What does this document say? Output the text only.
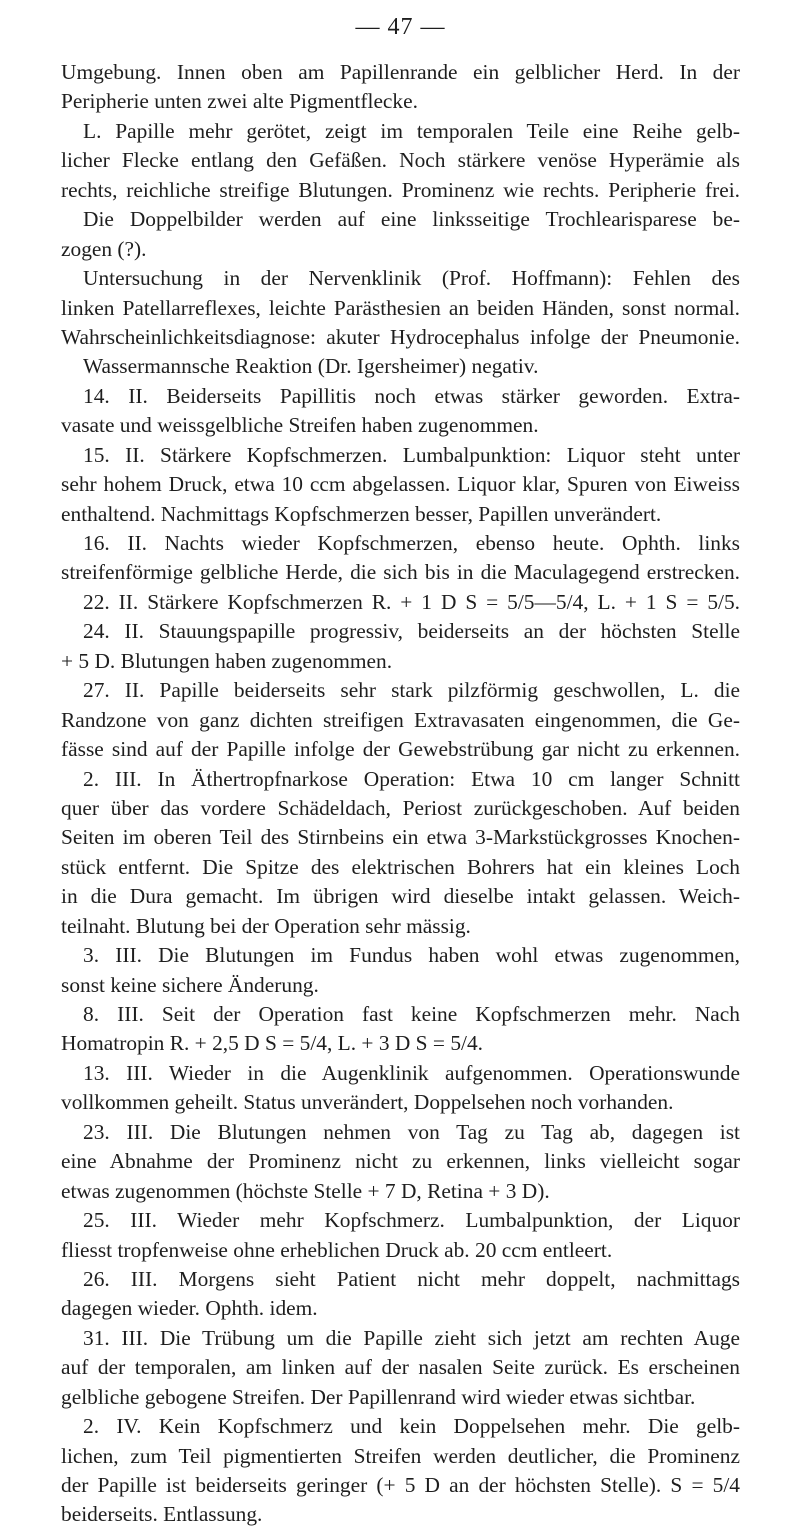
— 47 —
Umgebung. Innen oben am Papillenrande ein gelblicher Herd. In der
Peripherie unten zwei alte Pigmentflecke.
L. Papille mehr gerötet, zeigt im temporalen Teile eine Reihe gelb-
licher Flecke entlang den Gefäßen. Noch stärkere venöse Hyperämie als
rechts, reichliche streifige Blutungen. Prominenz wie rechts. Peripherie frei.
Die Doppelbilder werden auf eine linksseitige Trochlearisparese be-
zogen (?).
Untersuchung in der Nervenklinik (Prof. Hoffmann): Fehlen des
linken Patellarreflexes, leichte Parästhesien an beiden Händen, sonst normal.
Wahrscheinlichkeitsdiagnose: akuter Hydrocephalus infolge der Pneumonie.
Wassermannsche Reaktion (Dr. Igersheimer) negativ.
14. II. Beiderseits Papillitis noch etwas stärker geworden. Extra-
vasate und weissgelbliche Streifen haben zugenommen.
15. II. Stärkere Kopfschmerzen. Lumbalpunktion: Liquor steht unter
sehr hohem Druck, etwa 10 ccm abgelassen. Liquor klar, Spuren von Eiweiss
enthaltend. Nachmittags Kopfschmerzen besser, Papillen unverändert.
16. II. Nachts wieder Kopfschmerzen, ebenso heute. Ophth. links
streifenförmige gelbliche Herde, die sich bis in die Maculagegend erstrecken.
22. II. Stärkere Kopfschmerzen R. + 1 D S = 5/5—5/4, L. + 1 S = 5/5.
24. II. Stauungspapille progressiv, beiderseits an der höchsten Stelle
+ 5 D. Blutungen haben zugenommen.
27. II. Papille beiderseits sehr stark pilzförmig geschwollen, L. die
Randzone von ganz dichten streifigen Extravasaten eingenommen, die Ge-
fässe sind auf der Papille infolge der Gewebstrübung gar nicht zu erkennen.
2. III. In Äthertropfnarkose Operation: Etwa 10 cm langer Schnitt
quer über das vordere Schädeldach, Periost zurückgeschoben. Auf beiden
Seiten im oberen Teil des Stirnbeins ein etwa 3-Markstückgrosses Knochen-
stück entfernt. Die Spitze des elektrischen Bohrers hat ein kleines Loch
in die Dura gemacht. Im übrigen wird dieselbe intakt gelassen. Weich-
teilnaht. Blutung bei der Operation sehr mässig.
3. III. Die Blutungen im Fundus haben wohl etwas zugenommen,
sonst keine sichere Änderung.
8. III. Seit der Operation fast keine Kopfschmerzen mehr. Nach
Homatropin R. + 2,5 D S = 5/4, L. + 3 D S = 5/4.
13. III. Wieder in die Augenklinik aufgenommen. Operationswunde
vollkommen geheilt. Status unverändert, Doppelsehen noch vorhanden.
23. III. Die Blutungen nehmen von Tag zu Tag ab, dagegen ist
eine Abnahme der Prominenz nicht zu erkennen, links vielleicht sogar
etwas zugenommen (höchste Stelle + 7 D, Retina + 3 D).
25. III. Wieder mehr Kopfschmerz. Lumbalpunktion, der Liquor
fliesst tropfenweise ohne erheblichen Druck ab. 20 ccm entleert.
26. III. Morgens sieht Patient nicht mehr doppelt, nachmittags
dagegen wieder. Ophth. idem.
31. III. Die Trübung um die Papille zieht sich jetzt am rechten Auge
auf der temporalen, am linken auf der nasalen Seite zurück. Es erscheinen
gelbliche gebogene Streifen. Der Papillenrand wird wieder etwas sichtbar.
2. IV. Kein Kopfschmerz und kein Doppelsehen mehr. Die gelb-
lichen, zum Teil pigmentierten Streifen werden deutlicher, die Prominenz
der Papille ist beiderseits geringer (+ 5 D an der höchsten Stelle). S = 5/4
beiderseits. Entlassung.
